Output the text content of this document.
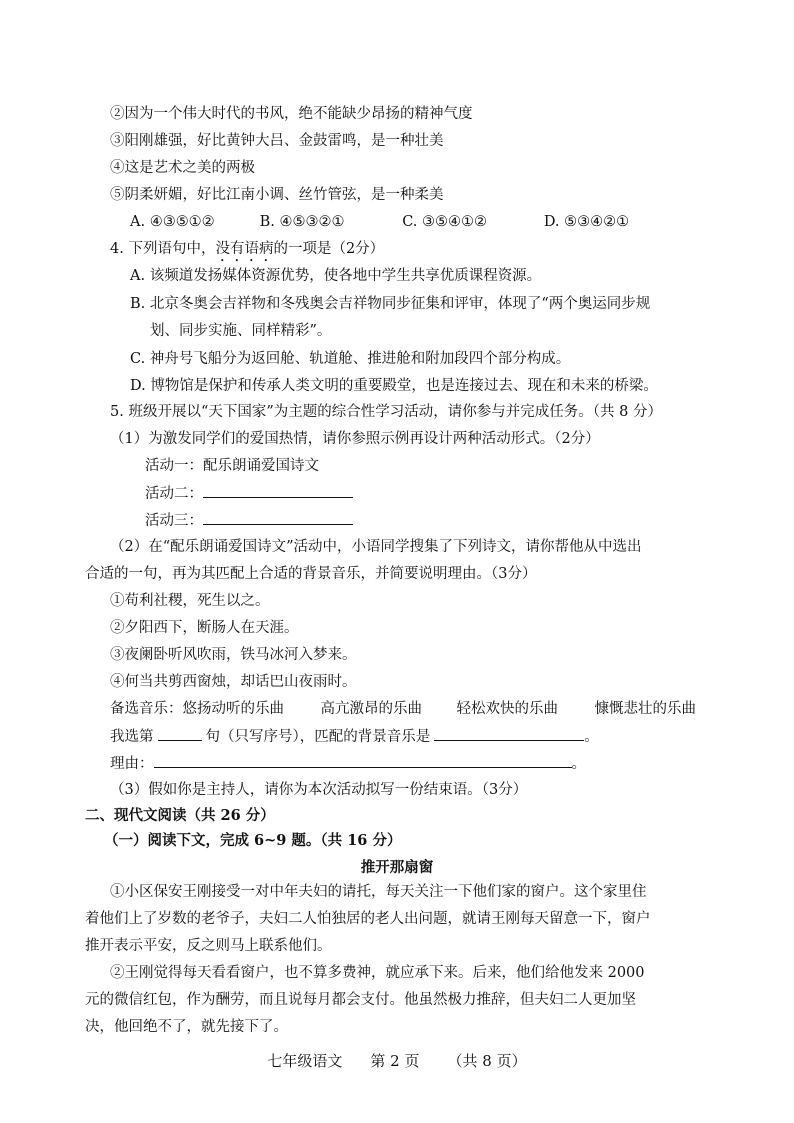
②因为一个伟大时代的书风，绝不能缺少昂扬的精神气度
③阳刚雄强，好比黄钟大吕、金鼓雷鸣，是一种壮美
④这是艺术之美的两极
⑤阴柔妍媚，好比江南小调、丝竹管弦，是一种柔美
A. ④③⑤①②	B. ④⑤③②①	C. ③⑤④①②	D. ⑤③④②①
4. 下列语句中，没有语病的一项是（2分）
A. 该频道发扬媒体资源优势，使各地中学生共享优质课程资源。
B. 北京冬奥会吉祥物和冬残奥会吉祥物同步征集和评审，体现了“两个奥运同步规
划、同步实施、同样精彩”。
C. 神舟号飞船分为返回舱、轨道舱、推进舱和附加段四个部分构成。
D. 博物馆是保护和传承人类文明的重要殿堂，也是连接过去、现在和未来的桥梁。
5. 班级开展以“天下国家”为主题的综合性学习活动，请你参与并完成任务。（共 8 分）
（1）为激发同学们的爱国热情，请你参照示例再设计两种活动形式。（2分）
活动一：配乐朗诵爱国诗文
活动二：
活动三：
（2）在“配乐朗诵爱国诗文”活动中，小语同学搜集了下列诗文，请你帮他从中选出
合适的一句，再为其匹配上合适的背景音乐，并简要说明理由。（3分）
①苟利社稷，死生以之。
②夕阳西下，断肠人在天涯。
③夜阑卧听风吹雨，铁马冰河入梦来。
④何当共剪西窗烛，却话巴山夜雨时。
备选音乐：悠扬动听的乐曲	高亢激昂的乐曲 轻松欢快的乐曲	慷慨悲壮的乐曲
我选第	句（只写序号），匹配的背景音乐是	。
理由：	。
（3）假如你是主持人，请你为本次活动拟写一份结束语。（3分）
二、现代文阅读（共 26 分）
（一）阅读下文，完成 6~9 题。（共 16 分）
推开那扇窗
①小区保安王刚接受一对中年夫妇的请托，每天关注一下他们家的窗户。这个家里住
着他们上了岁数的老爷子，夫妇二人怕独居的老人出问题，就请王刚每天留意一下，窗户
推开表示平安，反之则马上联系他们。
②王刚觉得每天看看窗户，也不算多费神，就应承下来。后来，他们给他发来 2000
元的微信红包，作为酬劳，而且说每月都会支付。他虽然极力推辞，但夫妇二人更加坚
决，他回绝不了，就先接下了。
七年级语文 第 2 页 （共 8 页）
